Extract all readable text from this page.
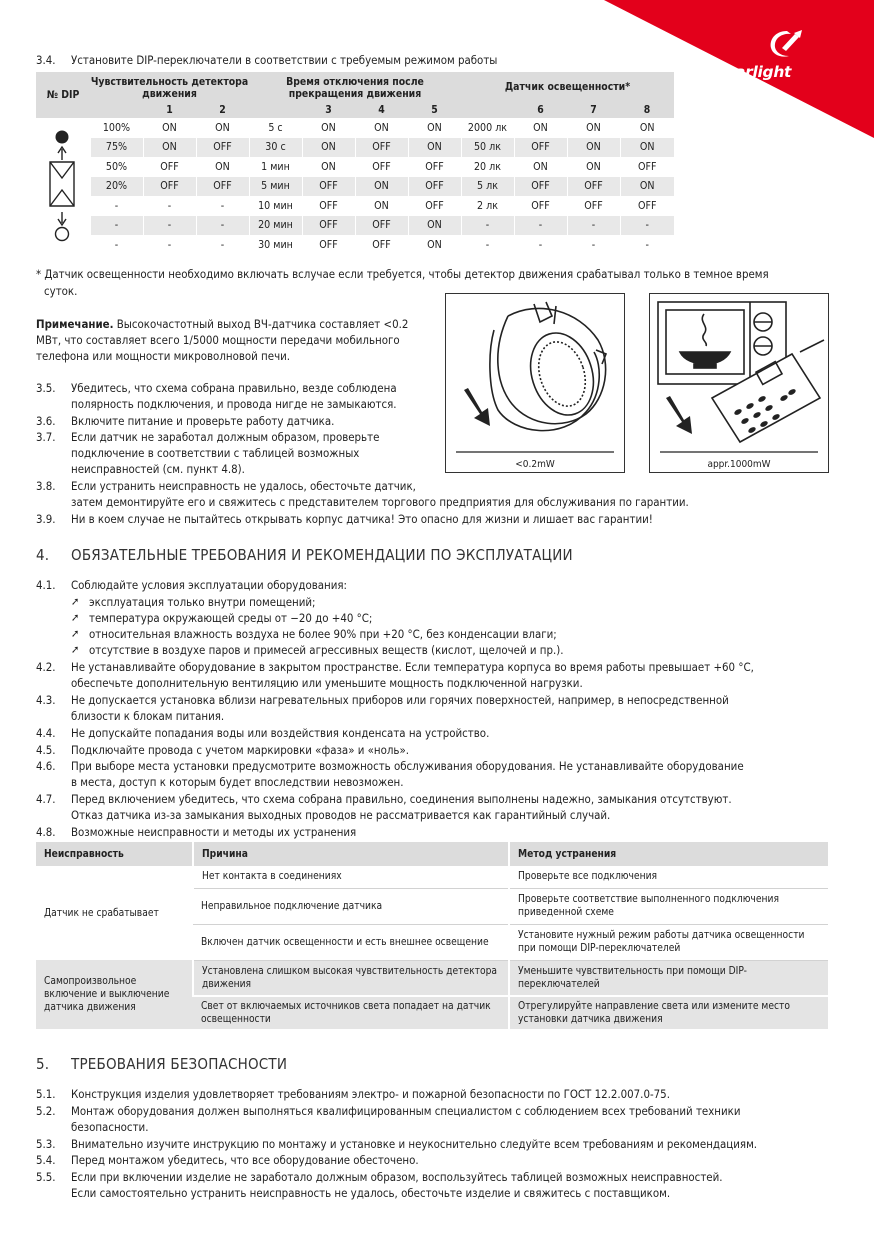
arlight
3.4.	Установите DIP-переключатели в соответствии с требуемым режимом работы
№ DIP	Чувствительность детектора движения			Время отключения после прекращения движения				Датчик освещенности*			
		1	2		3	4	5		6	7	8
	100%	ON	ON	5 с	ON	ON	ON	2000 лк	ON	ON	ON
	75%	ON	OFF	30 с	ON	OFF	ON	50 лк	OFF	ON	ON
	50%	OFF	ON	1 мин	ON	OFF	OFF	20 лк	ON	ON	OFF
	20%	OFF	OFF	5 мин	OFF	ON	OFF	5 лк	OFF	OFF	ON
	-	-	-	10 мин	OFF	ON	OFF	2 лк	OFF	OFF	OFF
	-	-	-	20 мин	OFF	OFF	ON	-	-	-	-
	-	-	-	30 мин	OFF	OFF	ON	-	-	-	-
* Датчик освещенности необходимо включать вслучае если требуется, чтобы детектор движения срабатывал только в темное время
суток.
Примечание. Высокочастотный выход ВЧ-датчика составляет <0.2
МВт, что составляет всего 1/5000 мощности передачи мобильного
телефона или мощности микроволновой печи.
<0.2mW	appr.1000mW
3.5.	Убедитесь, что схема собрана правильно, везде соблюдена
полярность подключения, и провода нигде не замыкаются.
3.6.	Включите питание и проверьте работу датчика.
3.7.	Если датчик не заработал должным образом, проверьте
подключение в соответствии с таблицей возможных
неисправностей (см. пункт 4.8).
3.8.	Если устранить неисправность не удалось, обесточьте датчик,
затем демонтируйте его и свяжитесь с представителем торгового предприятия для обслуживания по гарантии.
3.9.	Ни в коем случае не пытайтесь открывать корпус датчика! Это опасно для жизни и лишает вас гарантии!
4. ОБЯЗАТЕЛЬНЫЕ ТРЕБОВАНИЯ И РЕКОМЕНДАЦИИ ПО ЭКСПЛУАТАЦИИ
4.1.	Соблюдайте условия эксплуатации оборудования:
➚ эксплуатация только внутри помещений;
➚ температура окружающей среды от −20 до +40 °С;
➚ относительная влажность воздуха не более 90% при +20 °С, без конденсации влаги;
➚ отсутствие в воздухе паров и примесей агрессивных веществ (кислот, щелочей и пр.).
4.2.	Не устанавливайте оборудование в закрытом пространстве. Если температура корпуса во время работы превышает +60 °С,
обеспечьте дополнительную вентиляцию или уменьшите мощность подключенной нагрузки.
4.3.	Не допускается установка вблизи нагревательных приборов или горячих поверхностей, например, в непосредственной
близости к блокам питания.
4.4.	Не допускайте попадания воды или воздействия конденсата на устройство.
4.5.	Подключайте провода с учетом маркировки «фаза» и «ноль».
4.6.	При выборе места установки предусмотрите возможность обслуживания оборудования. Не устанавливайте оборудование
в места, доступ к которым будет впоследствии невозможен.
4.7.	Перед включением убедитесь, что схема собрана правильно, соединения выполнены надежно, замыкания отсутствуют.
Отказ датчика из-за замыкания выходных проводов не рассматривается как гарантийный случай.
4.8.	Возможные неисправности и методы их устранения
Неисправность	Причина	Метод устранения
Датчик не срабатывает	Нет контакта в соединениях	Проверьте все подключения
	Неправильное подключение датчика	Проверьте соответствие выполненного подключения приведенной схеме
	Включен датчик освещенности и есть внешнее освещение	Установите нужный режим работы датчика освещенности при помощи DIP-переключателей
Самопроизвольное включение и выключение датчика движения	Установлена слишком высокая чувствительность детектора движения	Уменьшите чувствительность при помощи DIP-переключателей
	Свет от включаемых источников света попадает на датчик освещенности	Отрегулируйте направление света или измените место установки датчика движения
5. ТРЕБОВАНИЯ БЕЗОПАСНОСТИ
5.1.	Конструкция изделия удовлетворяет требованиям электро- и пожарной безопасности по ГОСТ 12.2.007.0-75.
5.2.	Монтаж оборудования должен выполняться квалифицированным специалистом с соблюдением всех требований техники
безопасности.
5.3.	Внимательно изучите инструкцию по монтажу и установке и неукоснительно следуйте всем требованиям и рекомендациям.
5.4.	Перед монтажом убедитесь, что все оборудование обесточено.
5.5.	Если при включении изделие не заработало должным образом, воспользуйтесь таблицей возможных неисправностей.
Если самостоятельно устранить неисправность не удалось, обесточьте изделие и свяжитесь с поставщиком.
